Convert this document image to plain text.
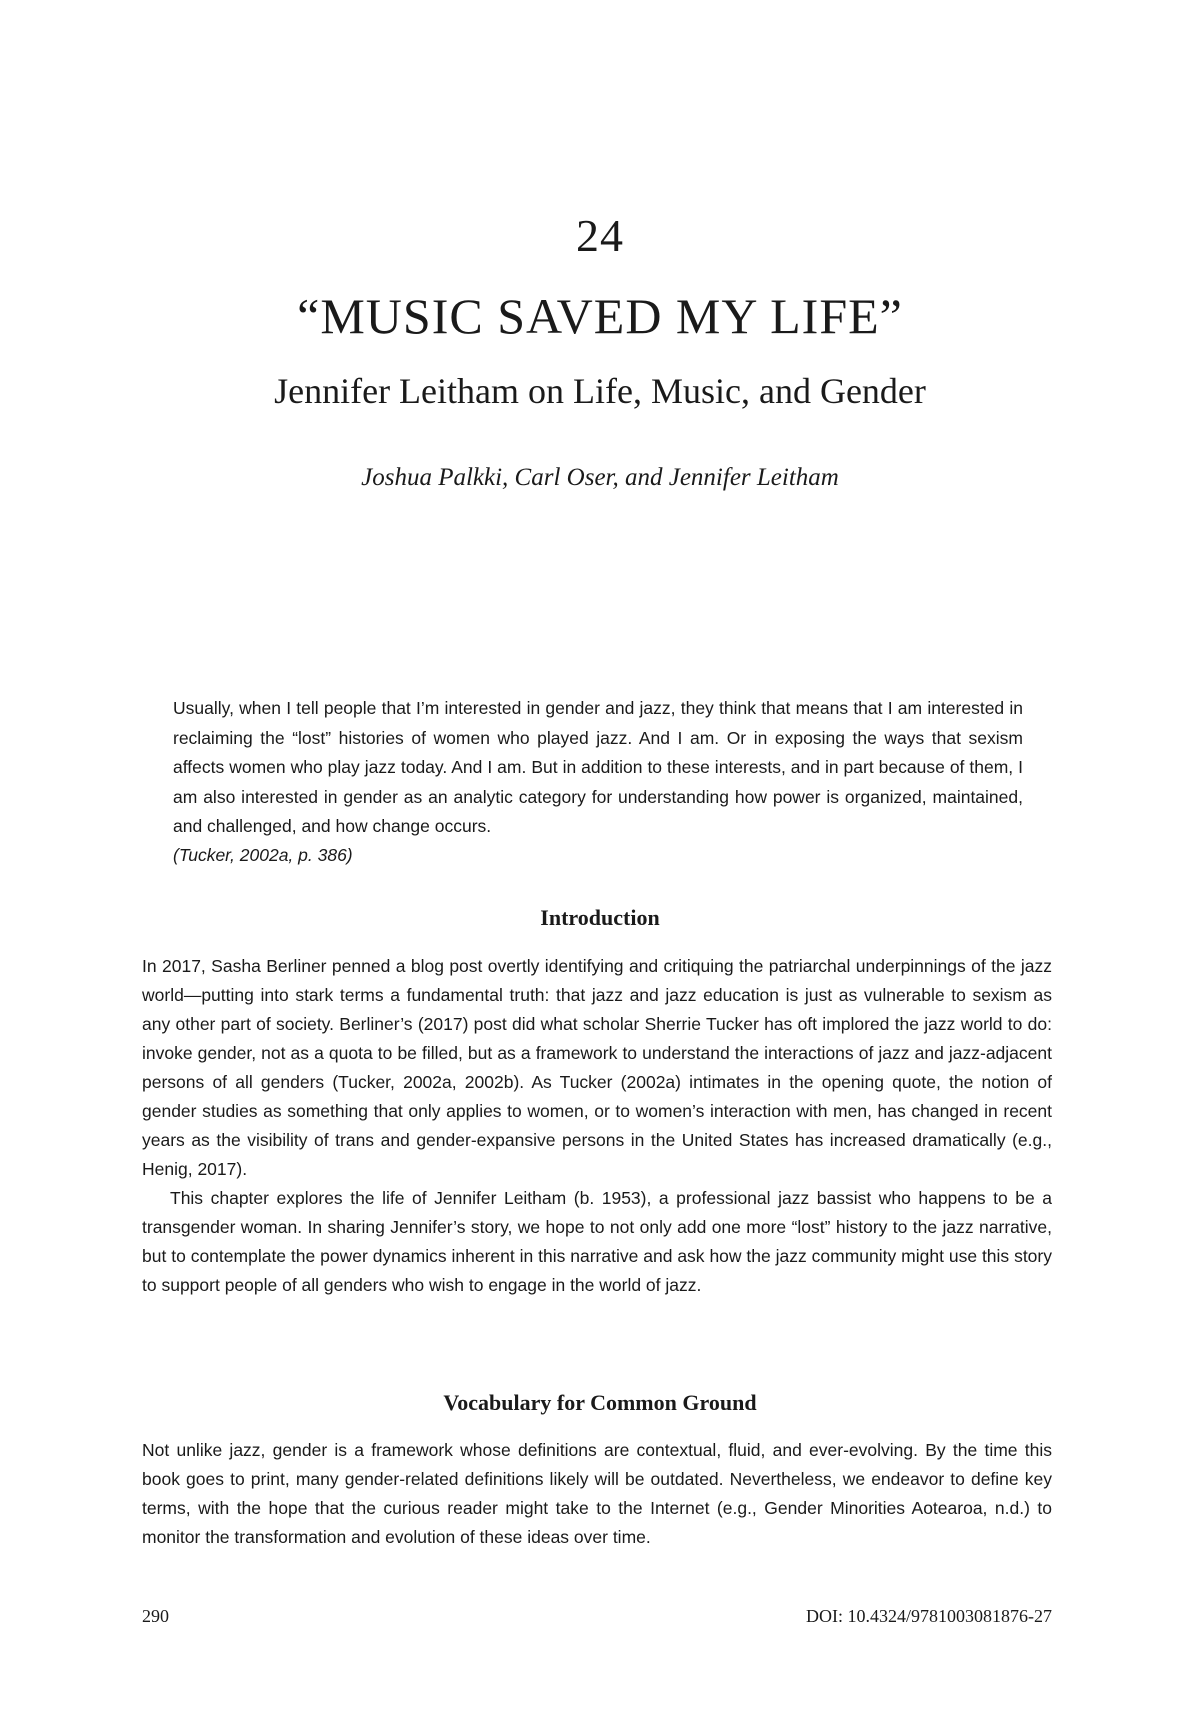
24
“MUSIC SAVED MY LIFE”
Jennifer Leitham on Life, Music, and Gender
Joshua Palkki, Carl Oser, and Jennifer Leitham
Usually, when I tell people that I’m interested in gender and jazz, they think that means that I am interested in reclaiming the “lost” histories of women who played jazz. And I am. Or in exposing the ways that sexism affects women who play jazz today. And I am. But in addition to these interests, and in part because of them, I am also interested in gender as an analytic category for understanding how power is organized, maintained, and challenged, and how change occurs.
(Tucker, 2002a, p. 386)
Introduction

In 2017, Sasha Berliner penned a blog post overtly identifying and critiquing the patriarchal underpinnings of the jazz world—putting into stark terms a fundamental truth: that jazz and jazz education is just as vulnerable to sexism as any other part of society. Berliner’s (2017) post did what scholar Sherrie Tucker has oft implored the jazz world to do: invoke gender, not as a quota to be filled, but as a framework to understand the interactions of jazz and jazz-adjacent persons of all genders (Tucker, 2002a, 2002b). As Tucker (2002a) intimates in the opening quote, the notion of gender studies as something that only applies to women, or to women’s interaction with men, has changed in recent years as the visibility of trans and gender-expansive persons in the United States has increased dramatically (e.g., Henig, 2017).

This chapter explores the life of Jennifer Leitham (b. 1953), a professional jazz bassist who happens to be a transgender woman. In sharing Jennifer’s story, we hope to not only add one more “lost” history to the jazz narrative, but to contemplate the power dynamics inherent in this narrative and ask how the jazz community might use this story to support people of all genders who wish to engage in the world of jazz.

Vocabulary for Common Ground

Not unlike jazz, gender is a framework whose definitions are contextual, fluid, and ever-evolving. By the time this book goes to print, many gender-related definitions likely will be outdated. Nevertheless, we endeavor to define key terms, with the hope that the curious reader might take to the Internet (e.g., Gender Minorities Aotearoa, n.d.) to monitor the transformation and evolution of these ideas over time.

290	DOI: 10.4324/9781003081876-27
